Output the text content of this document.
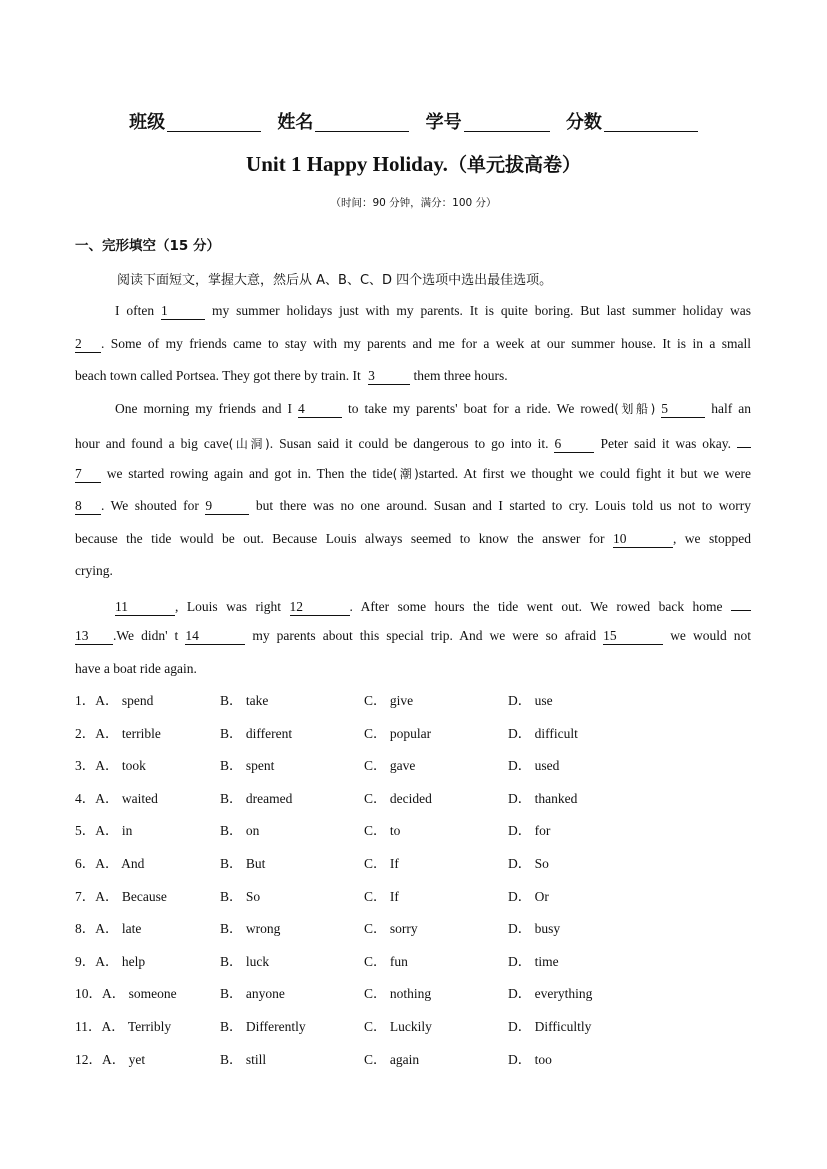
班级	姓名	学号	分数
Unit 1 Happy Holiday.（单元拔高卷）
（时间：90 分钟，满分：100 分）
一、完形填空（15 分）
阅读下面短文，掌握大意，然后从 A、B、C、D 四个选项中选出最佳选项。
I often 1	my summer holidays just with my parents. It is quite boring. But last summer holiday was
2 . Some of my friends came to stay with my parents and me for a week at our summer house. It is in a small
beach town called Portsea. They got there by train. It 3	them three hours.
One morning my friends and I 4	to take my parents' boat for a ride. We rowed(划船) 5	half an
hour and found a big cave(山洞). Susan said it could be dangerous to go into it. 6	Peter said it was okay.
7 we started rowing again and got in. Then the tide(潮)started. At first we thought we could fight it but we were
8 . We shouted for 9	but there was no one around. Susan and I started to cry. Louis told us not to worry
because the tide would be out. Because Louis always seemed to know the answer for 10	, we stopped
crying.
11	, Louis was right 12	. After some hours the tide went out. We rowed back home
13 .We didn' t 14	my parents about this special trip. And we were so afraid 15	we would not
have a boat ride again.
1．A． spend	B． take	C． give	D． use
2．A． terrible	B． different	C． popular	D． difficult
3．A． took	B． spent	C． gave	D． used
4．A． waited	B． dreamed	C． decided	D． thanked
5．A． in	B． on	C． to	D． for
6．A． And	B． But	C． If	D． So
7．A． Because	B． So	C． If	D． Or
8．A． late	B． wrong	C． sorry	D． busy
9．A． help	B． luck	C． fun	D． time
10．A． someone	B． anyone	C． nothing	D． everything
11．A． Terribly	B． Differently	C． Luckily	D． Difficultly
12．A． yet	B． still	C． again	D． too
